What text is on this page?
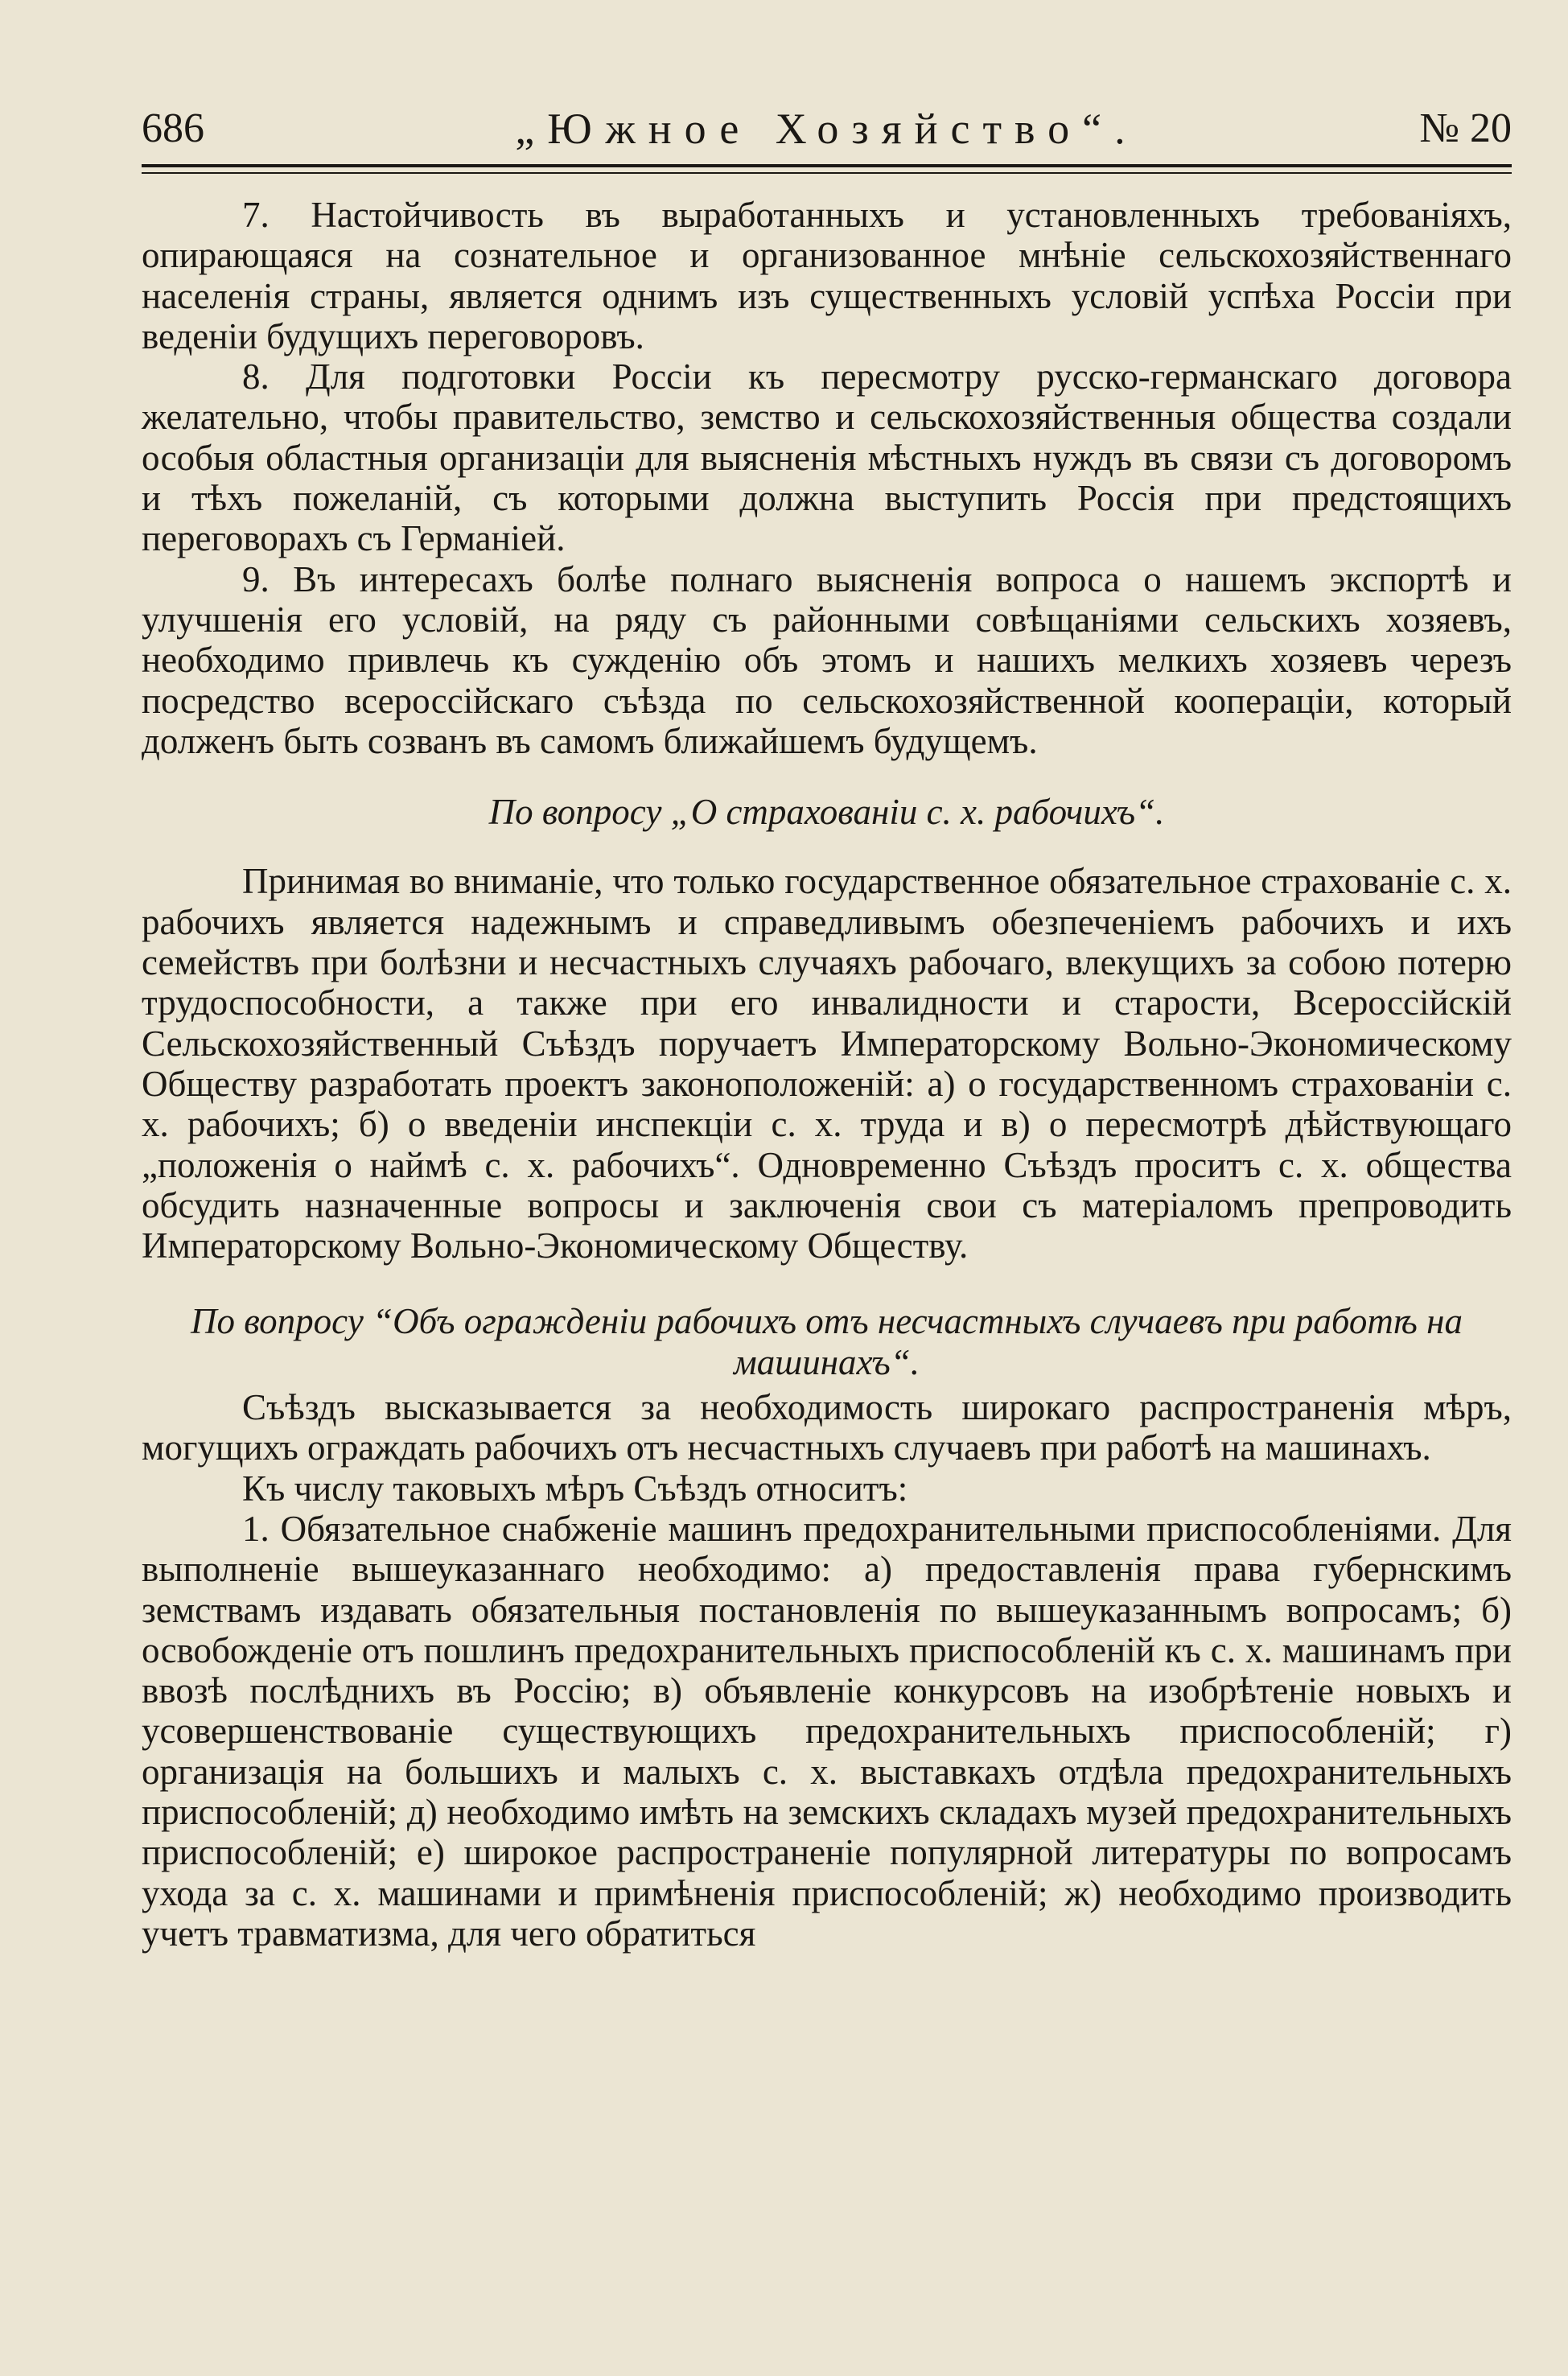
686	„Южное Хозяйство“.	№ 20

7. Настойчивость въ выработанныхъ и установленныхъ требованіяхъ, опирающаяся на сознательное и организованное мнѣніе сельскохозяйственнаго населенія страны, является однимъ изъ существенныхъ условій успѣха Россіи при веденіи будущихъ переговоровъ.

8. Для подготовки Россіи къ пересмотру русско-германскаго договора желательно, чтобы правительство, земство и сельскохозяйственныя общества создали особыя областныя организаціи для выясненія мѣстныхъ нуждъ въ связи съ договоромъ и тѣхъ пожеланій, съ которыми должна выступить Россія при предстоящихъ переговорахъ съ Германіей.

9. Въ интересахъ болѣе полнаго выясненія вопроса о нашемъ экспортѣ и улучшенія его условій, на ряду съ районными совѣщаніями сельскихъ хозяевъ, необходимо привлечь къ сужденію объ этомъ и нашихъ мелкихъ хозяевъ черезъ посредство всероссійскаго съѣзда по сельскохозяйственной коопераціи, который долженъ быть созванъ въ самомъ ближайшемъ будущемъ.

По вопросу „О страхованіи с. х. рабочихъ“.

Принимая во вниманіе, что только государственное обязательное страхованіе с. х. рабочихъ является надежнымъ и справедливымъ обезпеченіемъ рабочихъ и ихъ семействъ при болѣзни и несчастныхъ случаяхъ рабочаго, влекущихъ за собою потерю трудоспособности, а также при его инвалидности и старости, Всероссійскій Сельскохозяйственный Съѣздъ поручаетъ Императорскому Вольно-Экономическому Обществу разработать проектъ законоположеній: а) о государственномъ страхованіи с. х. рабочихъ; б) о введеніи инспекціи с. х. труда и в) о пересмотрѣ дѣйствующаго „положенія о наймѣ с. х. рабочихъ“. Одновременно Съѣздъ проситъ с. х. общества обсудить назначенные вопросы и заключенія свои съ матеріаломъ препроводить Императорскому Вольно-Экономическому Обществу.

По вопросу “Объ огражденіи рабочихъ отъ несчастныхъ случаевъ при работѣ на машинахъ“.

Съѣздъ высказывается за необходимость широкаго распространенія мѣръ, могущихъ ограждать рабочихъ отъ несчастныхъ случаевъ при работѣ на машинахъ.

Къ числу таковыхъ мѣръ Съѣздъ относитъ:

1. Обязательное снабженіе машинъ предохранительными приспособленіями. Для выполненіе вышеуказаннаго необходимо: а) предоставленія права губернскимъ земствамъ издавать обязательныя постановленія по вышеуказаннымъ вопросамъ; б) освобожденіе отъ пошлинъ предохранительныхъ приспособленій къ с. х. машинамъ при ввозѣ послѣднихъ въ Россію; в) объявленіе конкурсовъ на изобрѣтеніе новыхъ и усовершенствованіе существующихъ предохранительныхъ приспособленій; г) организація на большихъ и малыхъ с. х. выставкахъ отдѣла предохранительныхъ приспособленій; д) необходимо имѣть на земскихъ складахъ музей предохранительныхъ приспособленій; е) широкое распространеніе популярной литературы по вопросамъ ухода за с. х. машинами и примѣненія приспособленій; ж) необходимо производить учетъ травматизма, для чего обратиться
